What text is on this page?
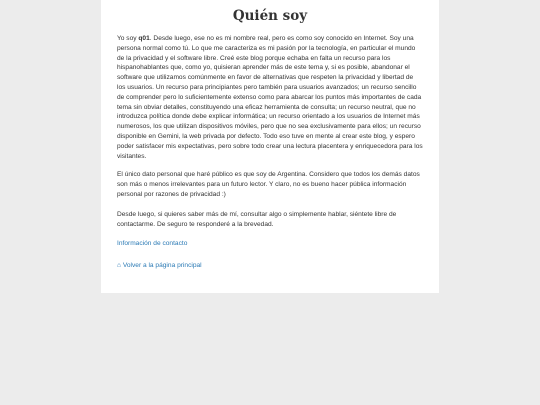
Quién soy

Yo soy q01. Desde luego, ese no es mi nombre real, pero es como soy conocido en Internet. Soy una persona normal como tú. Lo que me caracteriza es mi pasión por la tecnología, en particular el mundo de la privacidad y el software libre. Creé este blog porque echaba en falta un recurso para los hispanohablantes que, como yo, quisieran aprender más de este tema y, si es posible, abandonar el software que utilizamos comúnmente en favor de alternativas que respeten la privacidad y libertad de los usuarios. Un recurso para principiantes pero también para usuarios avanzados; un recurso sencillo de comprender pero lo suficientemente extenso como para abarcar los puntos más importantes de cada tema sin obviar detalles, constituyendo una eficaz herramienta de consulta; un recurso neutral, que no introduzca política donde debe explicar informática; un recurso orientado a los usuarios de Internet más numerosos, los que utilizan dispositivos móviles, pero que no sea exclusivamente para ellos; un recurso disponible en Gemini, la web privada por defecto. Todo eso tuve en mente al crear este blog, y espero poder satisfacer mis expectativas, pero sobre todo crear una lectura placentera y enriquecedora para los visitantes.

El único dato personal que haré público es que soy de Argentina. Considero que todos los demás datos son más o menos irrelevantes para un futuro lector. Y claro, no es bueno hacer pública información personal por razones de privacidad :)

Desde luego, si quieres saber más de mí, consultar algo o simplemente hablar, siéntete libre de contactarme. De seguro te responderé a la brevedad.

Información de contacto
⌂ Volver a la página principal
